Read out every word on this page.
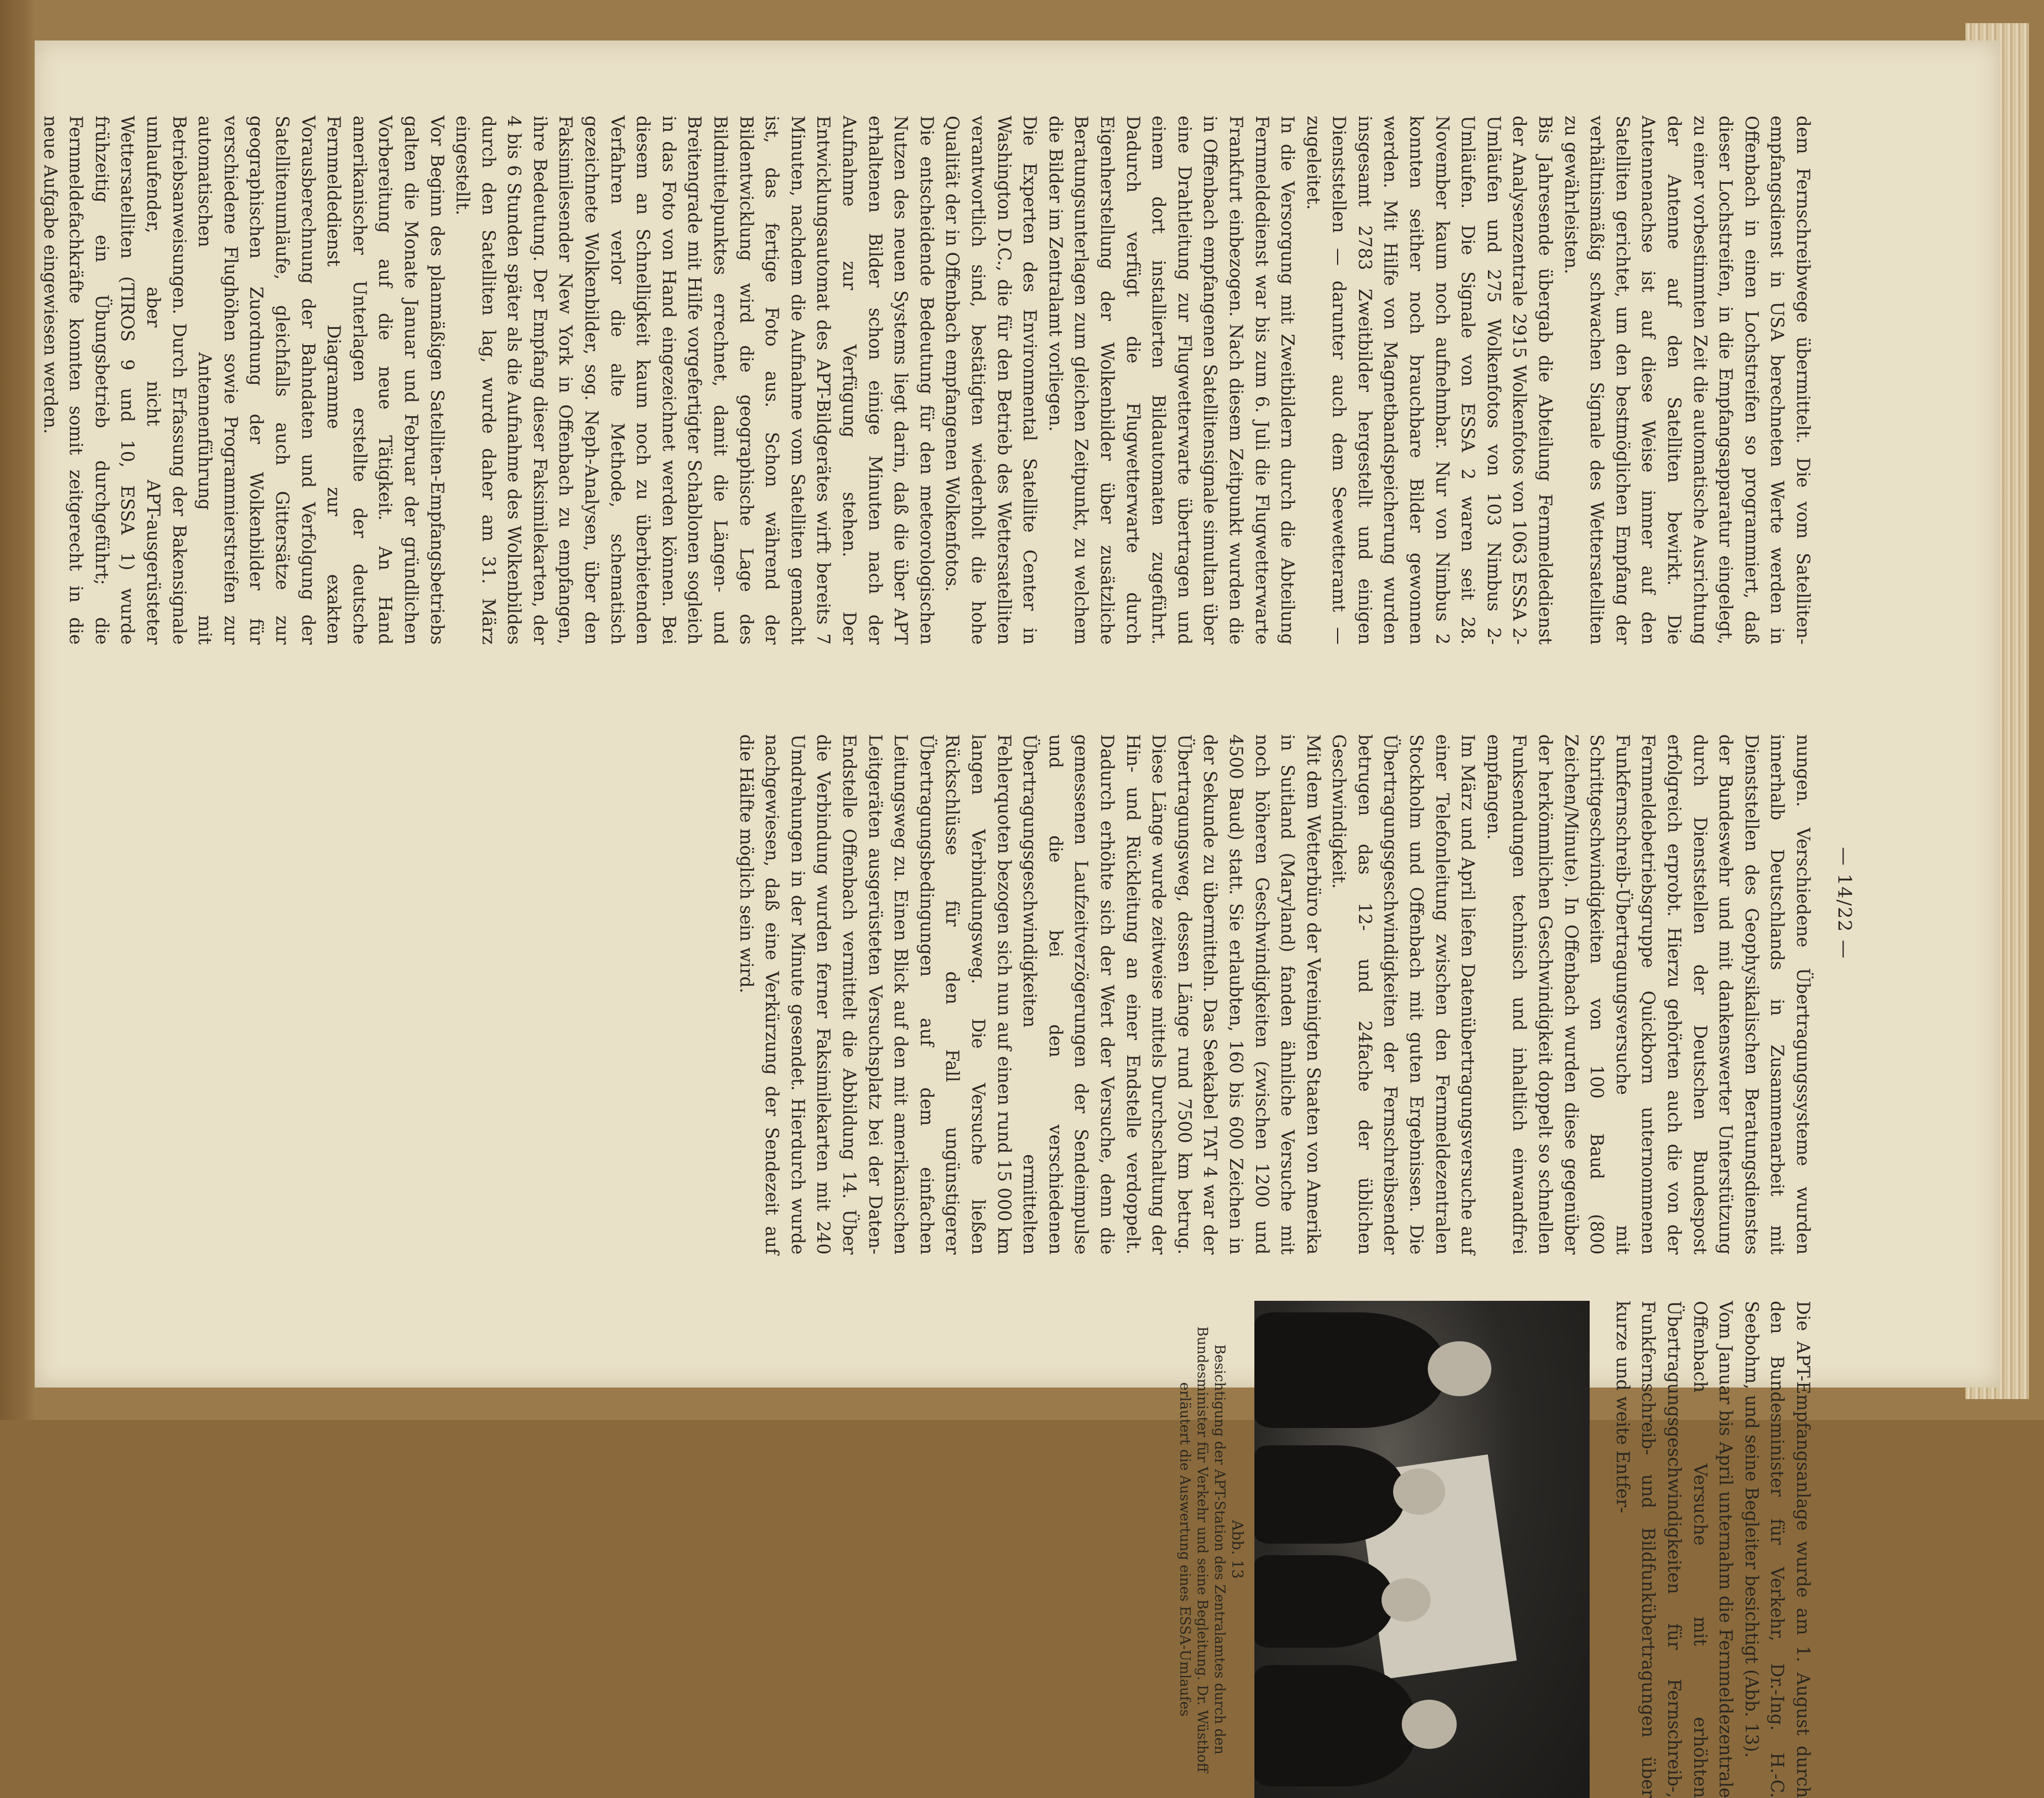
— 14/22 —

dem Fernschreibwege übermittelt. Die vom Satelliten-empfangsdienst in USA berechneten Werte werden in Offenbach in einen Lochstreifen so programmiert, daß dieser Lochstreifen, in die Empfangsapparatur eingelegt, zu einer vorbestimmten Zeit die automatische Ausrichtung der Antenne auf den Satelliten bewirkt. Die Antennenachse ist auf diese Weise immer auf den Satelliten gerichtet, um den bestmöglichen Empfang der verhältnismäßig schwachen Signale des Wettersatelliten zu gewährleisten.

Bis Jahresende übergab die Abteilung Fernmeldedienst der Analysenzentrale 2915 Wolkenfotos von 1063 ESSA 2-Umläufen und 275 Wolkenfotos von 103 Nimbus 2-Umläufen. Die Signale von ESSA 2 waren seit 28. November kaum noch aufnehmbar. Nur von Nimbus 2 konnten seither noch brauchbare Bilder gewonnen werden. Mit Hilfe von Magnetbandspeicherung wurden insgesamt 2783 Zweitbilder hergestellt und einigen Dienststellen — darunter auch dem Seewetteramt — zugeleitet.

In die Versorgung mit Zweitbildern durch die Abteilung Fernmeldedienst war bis zum 6. Juli die Flugwetterwarte Frankfurt einbezogen. Nach diesem Zeitpunkt wurden die in Offenbach empfangenen Satellitensignale simultan über eine Drahtleitung zur Flugwetterwarte übertragen und einem dort installierten Bildautomaten zugeführt. Dadurch verfügt die Flugwetterwarte durch Eigenherstellung der Wolkenbilder über zusätzliche Beratungsunterlagen zum gleichen Zeitpunkt, zu welchem die Bilder im Zentralamt vorliegen.

Die Experten des Environmental Satellite Center in Washington D.C., die für den Betrieb des Wettersatelliten verantwortlich sind, bestätigten wiederholt die hohe Qualität der in Offenbach empfangenen Wolkenfotos.

Die entscheidende Bedeutung für den meteorologischen Nutzen des neuen Systems liegt darin, daß die über APT erhaltenen Bilder schon einige Minuten nach der Aufnahme zur Verfügung stehen. Der Entwicklungsautomat des APT-Bildgerätes wirft bereits 7 Minuten, nachdem die Aufnahme vom Satelliten gemacht ist, das fertige Foto aus. Schon während der Bildentwicklung wird die geographische Lage des Bildmittelpunktes errechnet, damit die Längen- und Breitengrade mit Hilfe vorgefertigter Schablonen sogleich in das Foto von Hand eingezeichnet werden können. Bei diesem an Schnelligkeit kaum noch zu überbietenden Verfahren verlor die alte Methode, schematisch gezeichnete Wolkenbilder, sog. Neph-Analysen, über den Faksimilesender New York in Offenbach zu empfangen, ihre Bedeutung. Der Empfang dieser Faksimilekarten, der 4 bis 6 Stunden später als die Aufnahme des Wolkenbildes durch den Satelliten lag, wurde daher am 31. März eingestellt.

Vor Beginn des planmäßigen Satelliten-Empfangsbetriebs galten die Monate Januar und Februar der gründlichen Vorbereitung auf die neue Tätigkeit. An Hand amerikanischer Unterlagen erstellte der deutsche Fernmeldedienst Diagramme zur exakten Vorausberechnung der Bahndaten und Verfolgung der Satellitenumläufe, gleichfalls auch Gittersätze zur geographischen Zuordnung der Wolkenbilder für verschiedene Flughöhen sowie Programmierstreifen zur automatischen Antennenführung mit Betriebsanweisungen. Durch Erfassung der Bakensignale umlaufender, aber nicht APT-ausgerüsteter Wettersatelliten (TIROS 9 und 10, ESSA 1) wurde frühzeitig ein Übungsbetrieb durchgeführt; die Fernmeldefachkräfte konnten somit zeitgerecht in die neue Aufgabe eingewiesen werden.

nungen. Verschiedene Übertragungssysteme wurden innerhalb Deutschlands in Zusammenarbeit mit Dienststellen des Geophysikalischen Beratungsdienstes der Bundeswehr und mit dankenswerter Unterstützung durch Dienststellen der Deutschen Bundespost erfolgreich erprobt. Hierzu gehörten auch die von der Fernmeldebetriebsgruppe Quickborn unternommenen Funkfernschreib-Übertragungsversuche mit Schrittgeschwindigkeiten von 100 Baud (800 Zeichen/Minute). In Offenbach wurden diese gegenüber der herkömmlichen Geschwindigkeit doppelt so schnellen Funksendungen technisch und inhaltlich einwandfrei empfangen.

Im März und April liefen Datenübertragungsversuche auf einer Telefonleitung zwischen den Fernmeldezentralen Stockholm und Offenbach mit guten Ergebnissen. Die Übertragungsgeschwindigkeiten der Fernschreibsender betrugen das 12- und 24fache der üblichen Geschwindigkeit.

Mit dem Wetterbüro der Vereinigten Staaten von Amerika in Suitland (Maryland) fanden ähnliche Versuche mit noch höheren Geschwindigkeiten (zwischen 1200 und 4500 Baud) statt. Sie erlaubten, 160 bis 600 Zeichen in der Sekunde zu übermitteln. Das Seekabel TAT 4 war der Übertragungsweg, dessen Länge rund 7500 km betrug. Diese Länge wurde zeitweise mittels Durchschaltung der Hin- und Rückleitung an einer Endstelle verdoppelt. Dadurch erhöhte sich der Wert der Versuche, denn die gemessenen Laufzeitverzögerungen der Sendeimpulse und die bei den verschiedenen Übertragungsgeschwindigkeiten ermittelten Fehlerquoten bezogen sich nun auf einen rund 15 000 km langen Verbindungsweg. Die Versuche ließen Rückschlüsse für den Fall ungünstigerer Übertragungsbedingungen auf dem einfachen Leitungsweg zu. Einen Blick auf den mit amerikanischen Leitgeräten ausgerüsteten Versuchsplatz bei der Daten-Endstelle Offenbach vermittelt die Abbildung 14. Über die Verbindung wurden ferner Faksimilekarten mit 240 Umdrehungen in der Minute gesendet. Hierdurch wurde nachgewiesen, daß eine Verkürzung der Sendezeit auf die Hälfte möglich sein wird.

Die APT-Empfangsanlage wurde am 1. August durch den Bundesminister für Verkehr, Dr.-Ing. H.-C. Seebohm, und seine Begleiter besichtigt (Abb. 13).

Vom Januar bis April unternahm die Fernmeldezentrale Offenbach Versuche mit erhöhten Übertragungsgeschwindigkeiten für Fernschreib-, Funkfernschreib- und Bildfunkübertragungen über kurze und weite Entfer-

Abb. 13
Besichtigung der APT-Station des Zentralamtes durch den
Bundesminister für Verkehr und seine Begleitung. Dr. Wüsthoff
erläutert die Auswertung eines ESSA-Umlaufes
